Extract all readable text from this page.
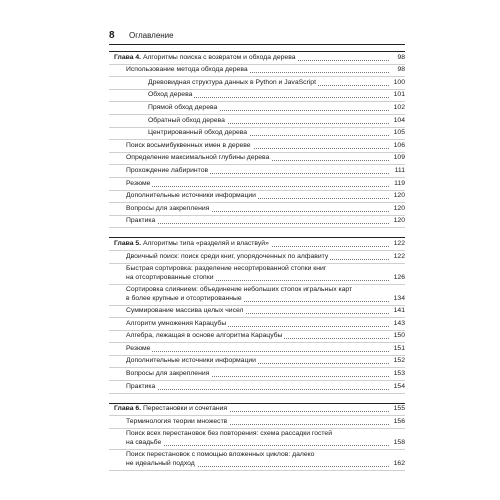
8 Оглавление
Глава 4. Алгоритмы поиска с возвратом и обхода дерева	98
Использование метода обхода дерева	98
Древовидная структура данных в Python и JavaScript	100
Обход дерева	101
Прямой обход дерева	102
Обратный обход дерева	104
Центрированный обход дерева	105
Поиск восьмибуквенных имен в дереве	106
Определение максимальной глубины дерева	109
Прохождение лабиринтов	111
Резюме	119
Дополнительные источники информации	120
Вопросы для закрепления	120
Практика	120
Глава 5. Алгоритмы типа «разделяй и властвуй»	122
Двоичный поиск: поиск среди книг, упорядоченных по алфавиту	122
Быстрая сортировка: разделение несортированной стопки книг
на отсортированные стопки	126
Сортировка слиянием: объединение небольших стопок игральных карт
в более крупные и отсортированные	134
Суммирование массива целых чисел	141
Алгоритм умножения Карацубы	143
Алгебра, лежащая в основе алгоритма Карацубы	150
Резюме	151
Дополнительные источники информации	152
Вопросы для закрепления	153
Практика	154
Глава 6. Перестановки и сочетания	155
Терминология теории множеств	156
Поиск всех перестановок без повторения: схема рассадки гостей
на свадьбе	158
Поиск перестановок с помощью вложенных циклов: далеко
не идеальный подход	162
